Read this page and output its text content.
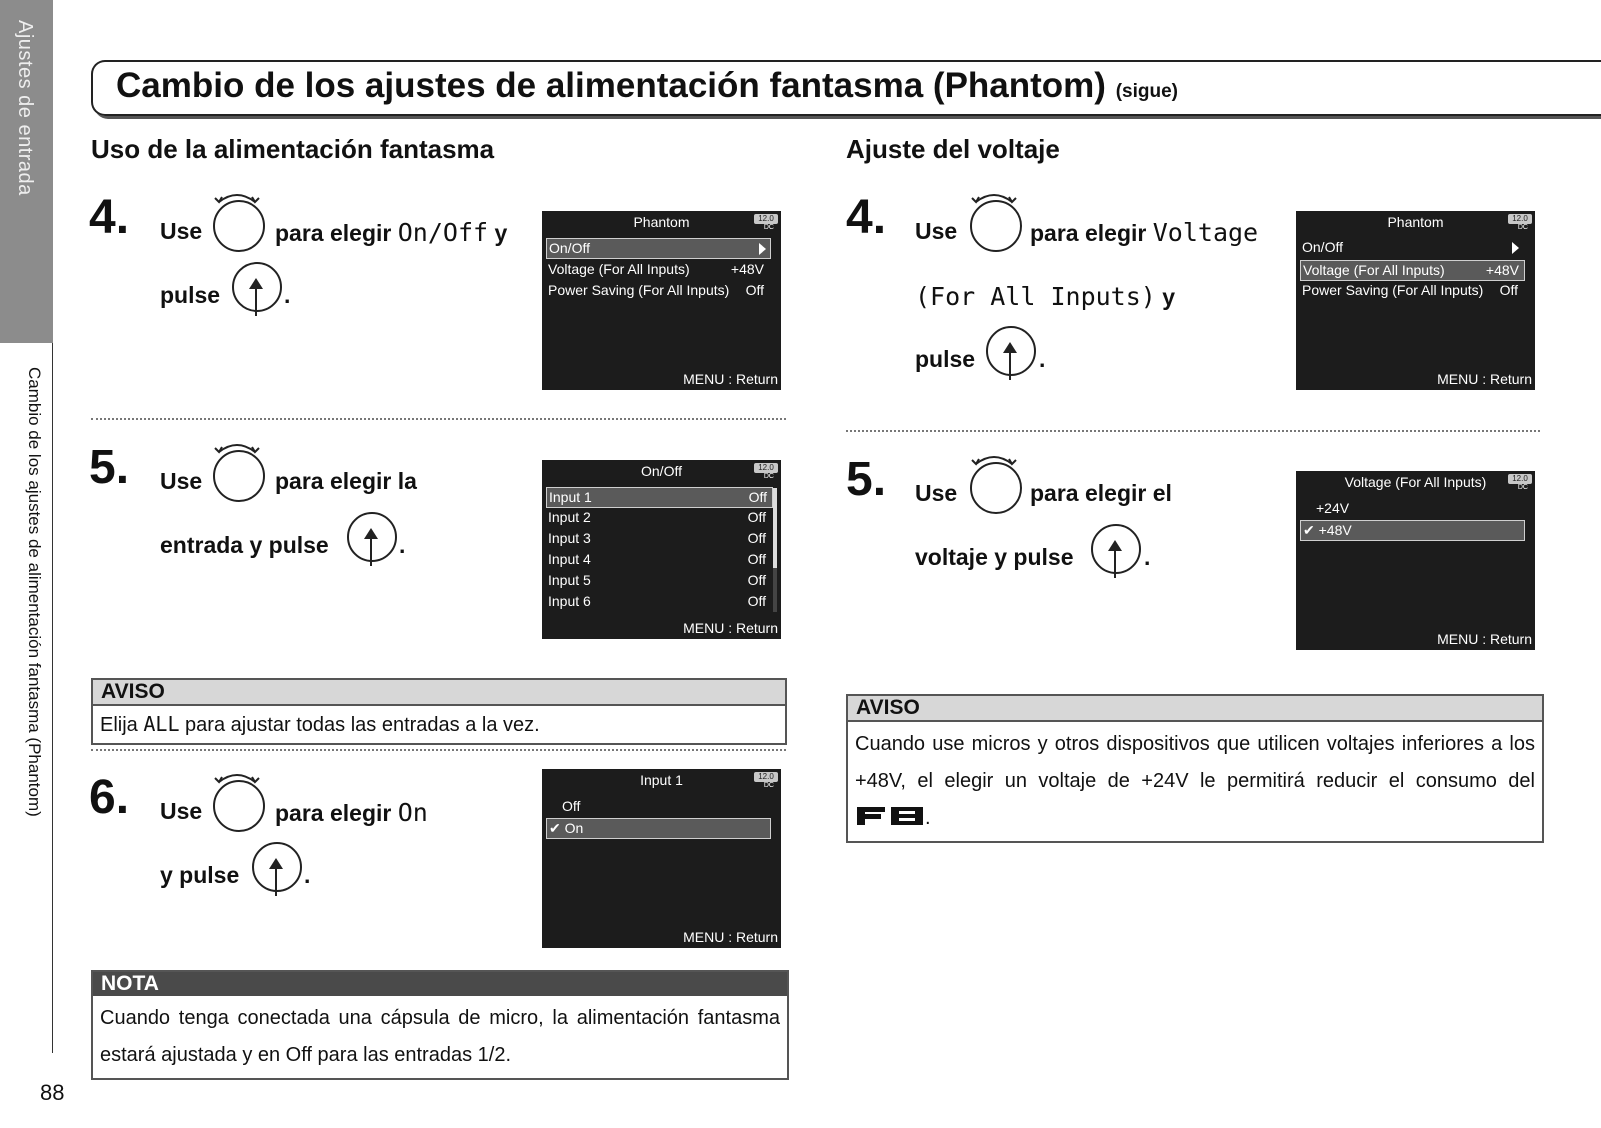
Ajustes de entrada
Cambio de los ajustes de alimentación fantasma (Phantom)
88
Cambio de los ajustes de alimentación fantasma (Phantom) (sigue)
Uso de la alimentación fantasma
4. Use	para elegir On/Off y
pulse	.
Phantom	12.0
DC
On/Off
Voltage (For All Inputs)	+48V
Power Saving (For All Inputs) Off
MENU : Return
5. Use	para elegir la
entrada y pulse	.
On/Off	12.0
DC
Input 1	Off
Input 2	Off
Input 3	Off
Input 4	Off
Input 5	Off
Input 6	Off
MENU : Return
AVISO
Elija ALL para ajustar todas las entradas a la vez.
6. Use	para elegir On
y pulse	.
Input 1	12.0
DC
Off
✔ On
MENU : Return
NOTA
Cuando tenga conectada una cápsula de micro, la alimentación fantasma estará ajustada y en Off para las entradas 1/2.
Ajuste del voltaje
4. Use	para elegir Voltage
(For All Inputs) y
pulse	.
Phantom	12.0
DC
On/Off
Voltage (For All Inputs)	+48V
Power Saving (For All Inputs) Off
MENU : Return
5. Use	para elegir el
voltaje y pulse	.
Voltage (For All Inputs)	12.0
DC
+24V
✔ +48V
MENU : Return
AVISO
Cuando use micros y otros dispositivos que utilicen voltajes inferiores a los +48V, el elegir un voltaje de +24V le permitirá reducir el consumo del .
